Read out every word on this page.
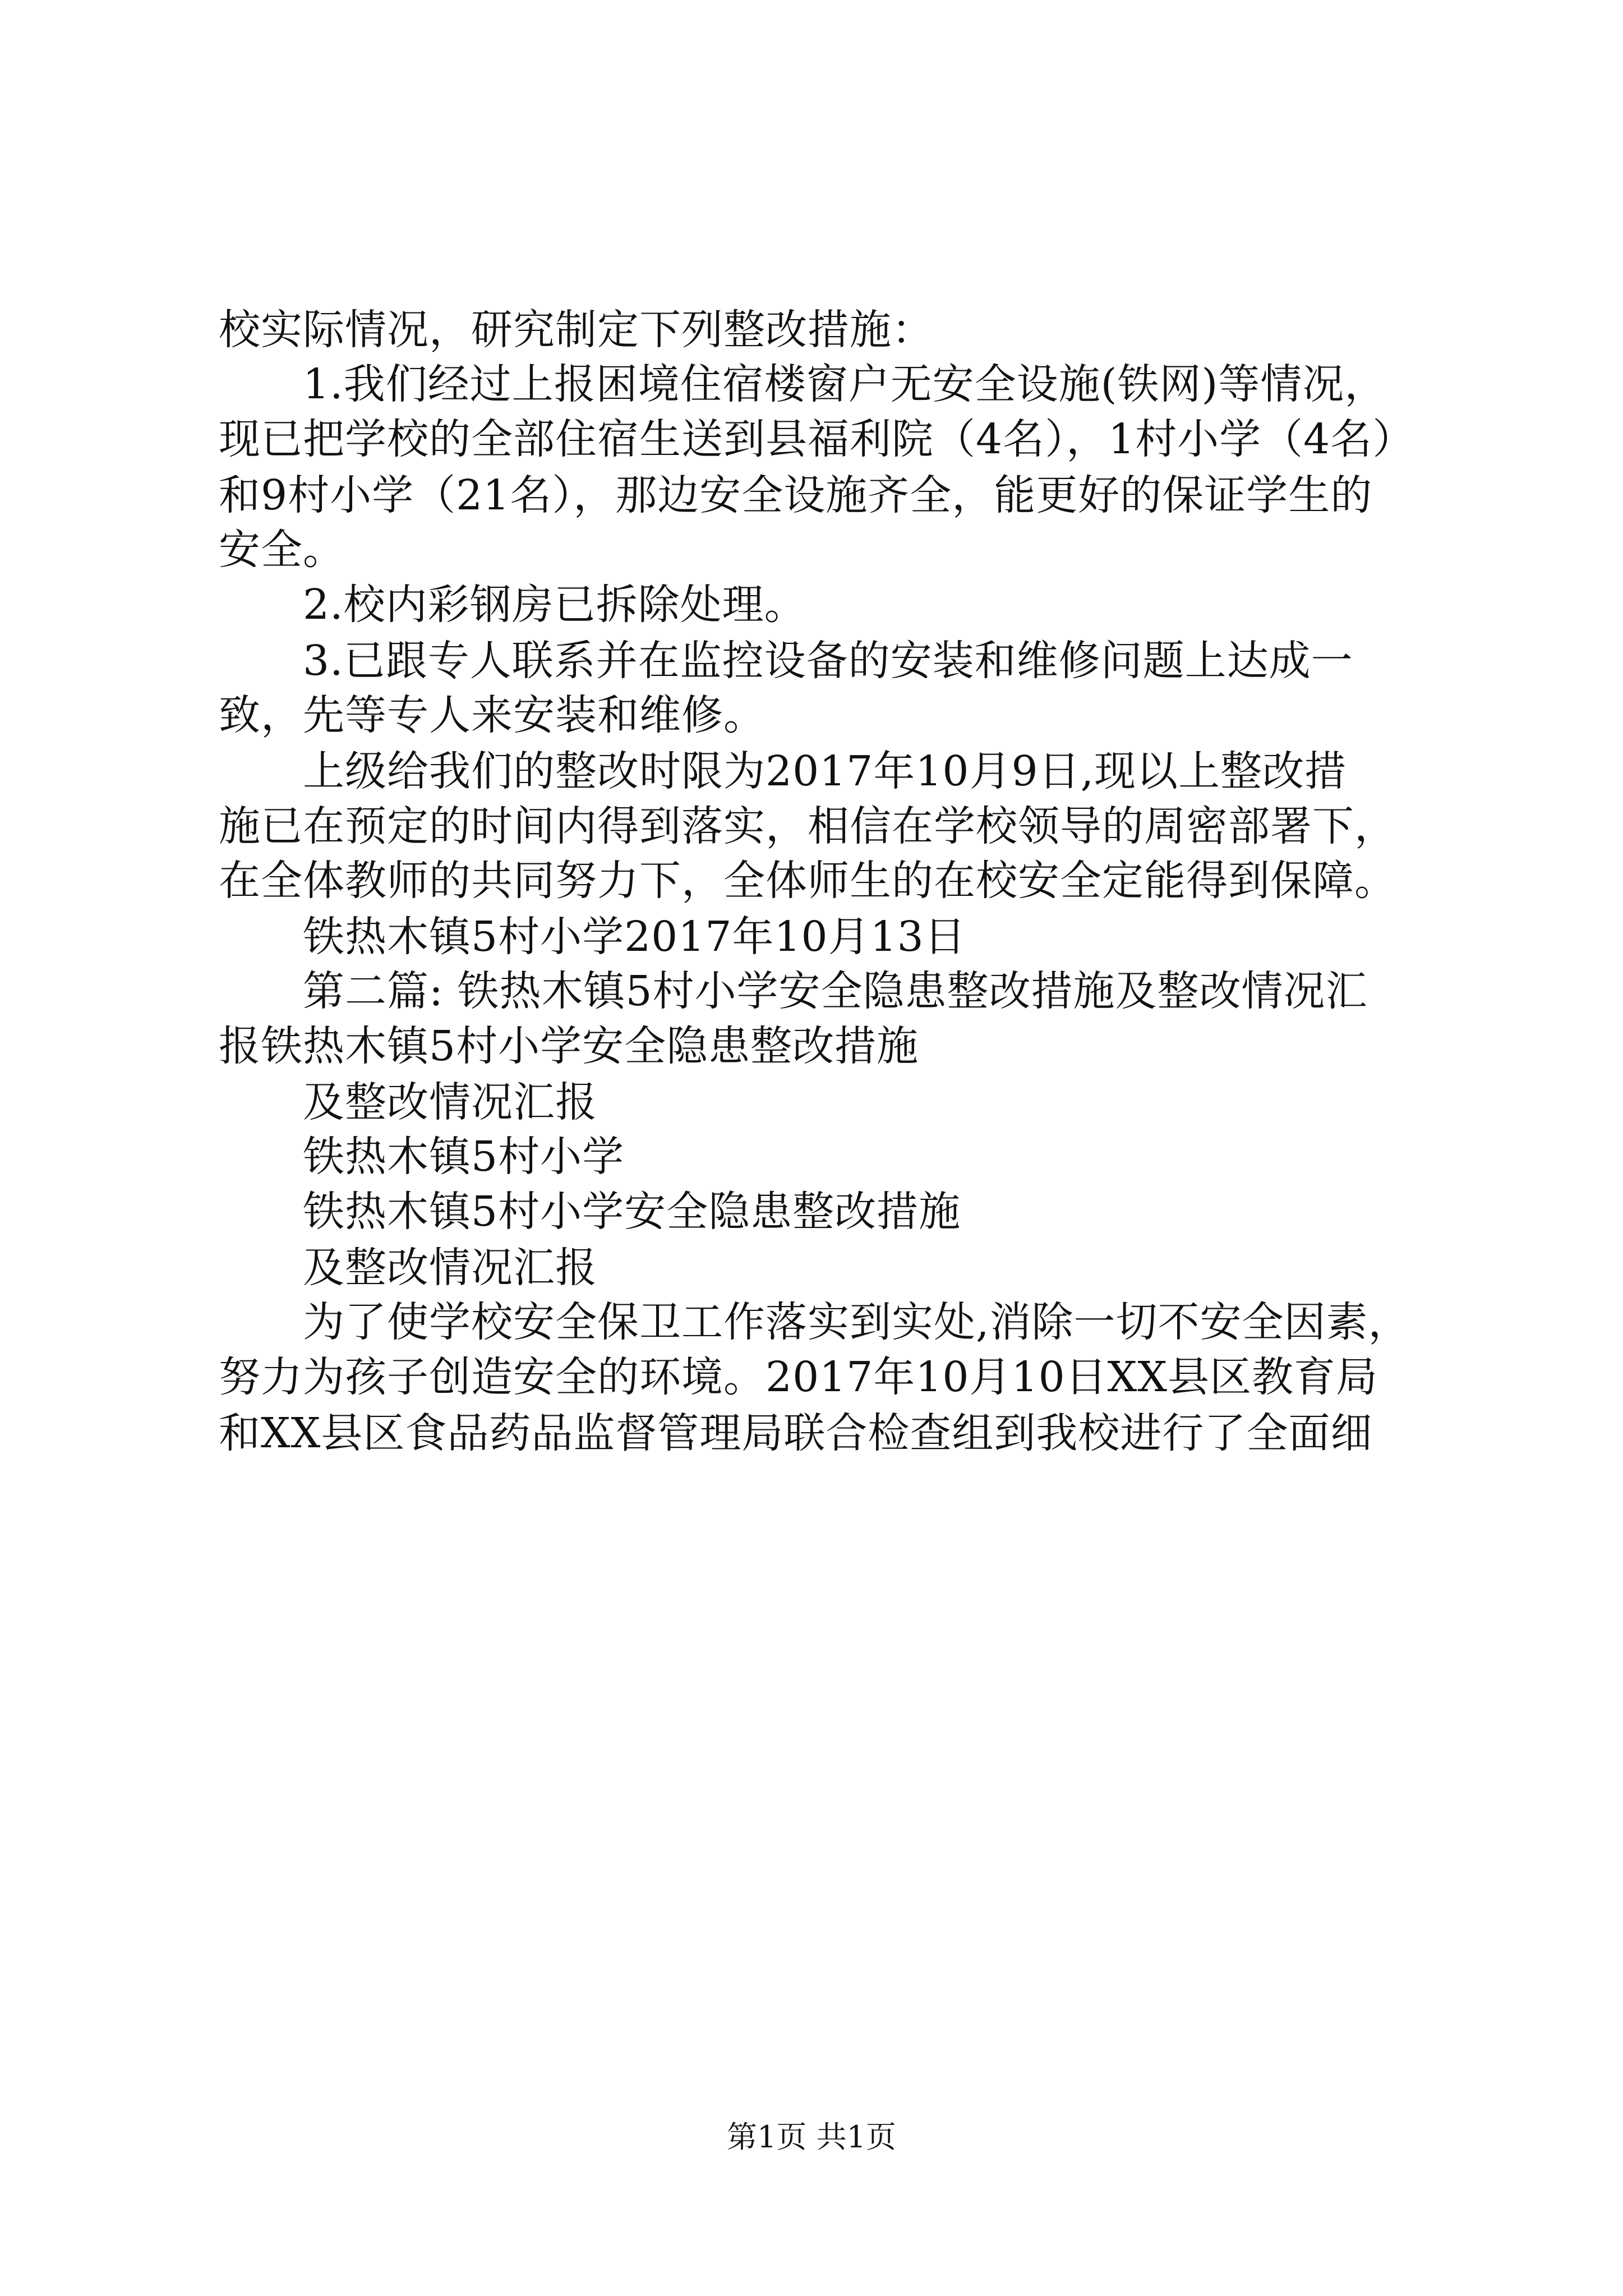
校实际情况，研究制定下列整改措施：
1.我们经过上报困境住宿楼窗户无安全设施(铁网)等情况，
现已把学校的全部住宿生送到县福利院（4名），1村小学（4名）
和9村小学（21名），那边安全设施齐全，能更好的保证学生的
安全。
2.校内彩钢房已拆除处理。
3.已跟专人联系并在监控设备的安装和维修问题上达成一
致，先等专人来安装和维修。
上级给我们的整改时限为2017年10月9日,现以上整改措
施已在预定的时间内得到落实，相信在学校领导的周密部署下，
在全体教师的共同努力下，全体师生的在校安全定能得到保障。
铁热木镇5村小学2017年10月13日
第二篇: 铁热木镇5村小学安全隐患整改措施及整改情况汇
报铁热木镇5村小学安全隐患整改措施
及整改情况汇报
铁热木镇5村小学
铁热木镇5村小学安全隐患整改措施
及整改情况汇报
为了使学校安全保卫工作落实到实处,消除一切不安全因素，
努力为孩子创造安全的环境。2017年10月10日XX县区教育局
和XX县区食品药品监督管理局联合检查组到我校进行了全面细
第1页 共1页
